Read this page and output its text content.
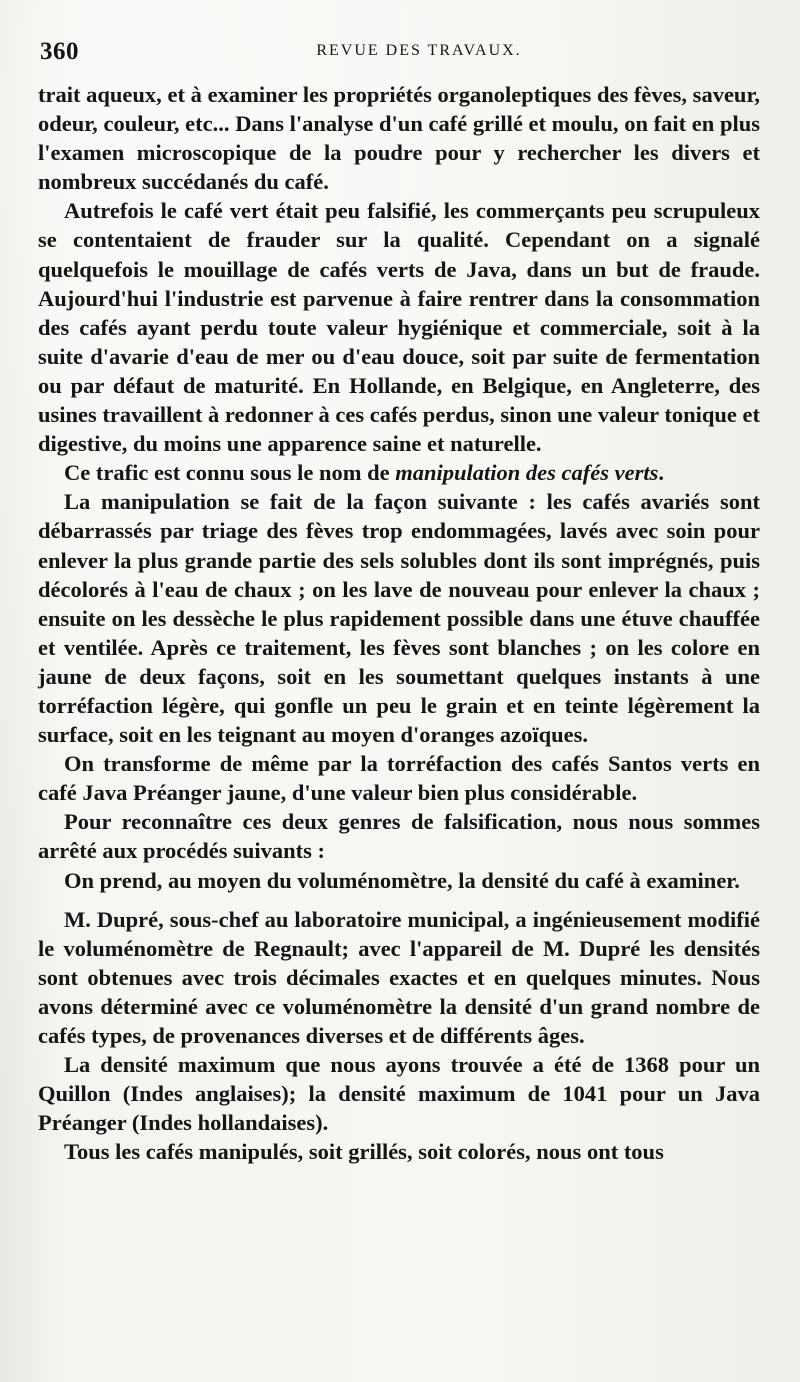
360	REVUE DES TRAVAUX.

trait aqueux, et à examiner les propriétés organoleptiques des fèves, saveur, odeur, couleur, etc... Dans l'analyse d'un café grillé et moulu, on fait en plus l'examen microscopique de la poudre pour y rechercher les divers et nombreux succédanés du café.

Autrefois le café vert était peu falsifié, les commerçants peu scrupuleux se contentaient de frauder sur la qualité. Cependant on a signalé quelquefois le mouillage de cafés verts de Java, dans un but de fraude. Aujourd'hui l'industrie est parvenue à faire rentrer dans la consommation des cafés ayant perdu toute valeur hygiénique et commerciale, soit à la suite d'avarie d'eau de mer ou d'eau douce, soit par suite de fermentation ou par défaut de maturité. En Hollande, en Belgique, en Angleterre, des usines travaillent à redonner à ces cafés perdus, sinon une valeur tonique et digestive, du moins une apparence saine et naturelle.

Ce trafic est connu sous le nom de manipulation des cafés verts.

La manipulation se fait de la façon suivante : les cafés avariés sont débarrassés par triage des fèves trop endommagées, lavés avec soin pour enlever la plus grande partie des sels solubles dont ils sont imprégnés, puis décolorés à l'eau de chaux ; on les lave de nouveau pour enlever la chaux ; ensuite on les dessèche le plus rapidement possible dans une étuve chauffée et ventilée. Après ce traitement, les fèves sont blanches ; on les colore en jaune de deux façons, soit en les soumettant quelques instants à une torréfaction légère, qui gonfle un peu le grain et en teinte légèrement la surface, soit en les teignant au moyen d'oranges azoïques.

On transforme de même par la torréfaction des cafés Santos verts en café Java Préanger jaune, d'une valeur bien plus considérable.

Pour reconnaître ces deux genres de falsification, nous nous sommes arrêté aux procédés suivants :

On prend, au moyen du voluménomètre, la densité du café à examiner.

M. Dupré, sous-chef au laboratoire municipal, a ingénieusement modifié le voluménomètre de Regnault; avec l'appareil de M. Dupré les densités sont obtenues avec trois décimales exactes et en quelques minutes. Nous avons déterminé avec ce voluménomètre la densité d'un grand nombre de cafés types, de provenances diverses et de différents âges.

La densité maximum que nous ayons trouvée a été de 1368 pour un Quillon (Indes anglaises); la densité maximum de 1041 pour un Java Préanger (Indes hollandaises).

Tous les cafés manipulés, soit grillés, soit colorés, nous ont tous
